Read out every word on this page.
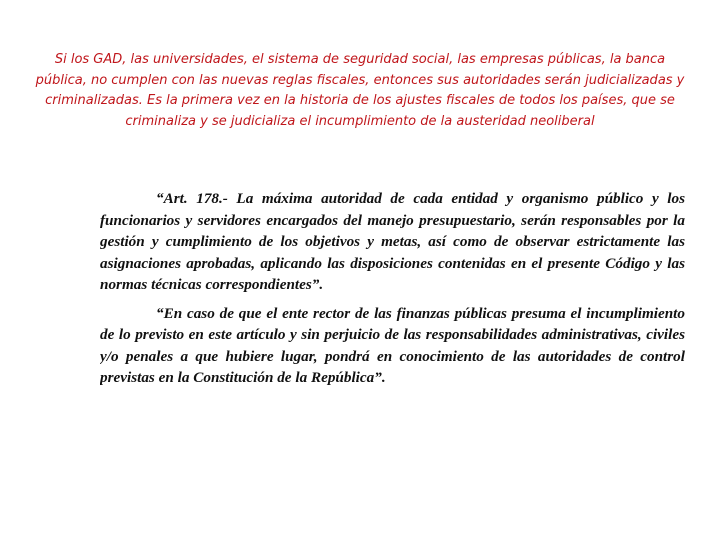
Si los GAD, las universidades, el sistema de seguridad social, las empresas públicas, la banca pública, no cumplen con las nuevas reglas fiscales, entonces sus autoridades serán judicializadas y criminalizadas. Es la primera vez en la historia de los ajustes fiscales de todos los países, que se criminaliza y se judicializa el incumplimiento de la austeridad neoliberal

“Art. 178.- La máxima autoridad de cada entidad y organismo público y los funcionarios y servidores encargados del manejo presupuestario, serán responsables por la gestión y cumplimiento de los objetivos y metas, así como de observar estrictamente las asignaciones aprobadas, aplicando las disposiciones contenidas en el presente Código y las normas técnicas correspondientes”.

“En caso de que el ente rector de las finanzas públicas presuma el incumplimiento de lo previsto en este artículo y sin perjuicio de las responsabilidades administrativas, civiles y/o penales a que hubiere lugar, pondrá en conocimiento de las autoridades de control previstas en la Constitución de la República”.
